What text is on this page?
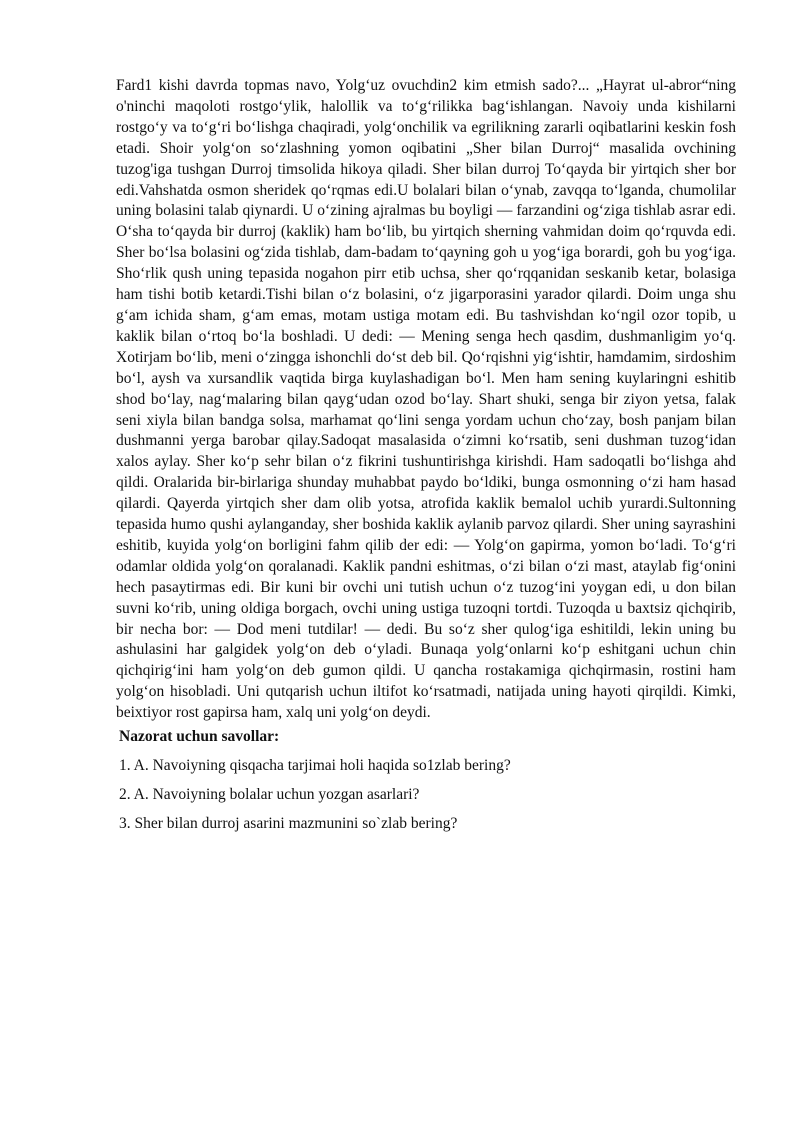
Fard1 kishi davrda topmas navo, Yolg‘uz ovuchdin2 kim etmish sado?... „Hayrat ul-abror“ning o'ninchi maqoloti rostgo‘ylik, halollik va to‘g‘rilikka bag‘ishlangan. Navoiy unda kishilarni rostgo‘y va to‘g‘ri bo‘lishga chaqiradi, yolg‘onchilik va egrilikning zararli oqibatlarini keskin fosh etadi. Shoir yolg‘on so‘zlashning yomon oqibatini „Sher bilan Durroj“ masalida ovchining tuzog'iga tushgan Durroj timsolida hikoya qiladi. Sher bilan durroj To‘qayda bir yirtqich sher bor edi.Vahshatda osmon sheridek qo‘rqmas edi.U bolalari bilan o‘ynab, zavqqa to‘lganda, chumolilar uning bolasini talab qiynardi. U o‘zining ajralmas bu boyligi — farzandini og‘ziga tishlab asrar edi. O‘sha to‘qayda bir durroj (kaklik) ham bo‘lib, bu yirtqich sherning vahmidan doim qo‘rquvda edi. Sher bo‘lsa bolasini og‘zida tishlab, dam-badam to‘qayning goh u yog‘iga borardi, goh bu yog‘iga. Sho‘rlik qush uning tepasida nogahon pirr etib uchsa, sher qo‘rqqanidan seskanib ketar, bolasiga ham tishi botib ketardi.Tishi bilan o‘z bolasini, o‘z jigarporasini yarador qilardi. Doim unga shu g‘am ichida sham, g‘am emas, motam ustiga motam edi. Bu tashvishdan ko‘ngil ozor topib, u kaklik bilan o‘rtoq bo‘la boshladi. U dedi: — Mening senga hech qasdim, dushmanligim yo‘q. Xotirjam bo‘lib, meni o‘zingga ishonchli do‘st deb bil. Qo‘rqishni yig‘ishtir, hamdamim, sirdoshim bo‘l, aysh va xursandlik vaqtida birga kuylashadigan bo‘l. Men ham sening kuylaringni eshitib shod bo‘lay, nag‘malaring bilan qayg‘udan ozod bo‘lay. Shart shuki, senga bir ziyon yetsa, falak seni xiyla bilan bandga solsa, marhamat qo‘lini senga yordam uchun cho‘zay, bosh panjam bilan dushmanni yerga barobar qilay.Sadoqat masalasida o‘zimni ko‘rsatib, seni dushman tuzog‘idan xalos aylay. Sher ko‘p sehr bilan o‘z fikrini tushuntirishga kirishdi. Ham sadoqatli bo‘lishga ahd qildi. Oralarida bir-birlariga shunday muhabbat paydo bo‘ldiki, bunga osmonning o‘zi ham hasad qilardi. Qayerda yirtqich sher dam olib yotsa, atrofida kaklik bemalol uchib yurardi.Sultonning tepasida humo qushi aylanganday, sher boshida kaklik aylanib parvoz qilardi. Sher uning sayrashini eshitib, kuyida yolg‘on borligini fahm qilib der edi: — Yolg‘on gapirma, yomon bo‘ladi. To‘g‘ri odamlar oldida yolg‘on qoralanadi. Kaklik pandni eshitmas, o‘zi bilan o‘zi mast, ataylab fig‘onini hech pasaytirmas edi. Bir kuni bir ovchi uni tutish uchun o‘z tuzog‘ini yoygan edi, u don bilan suvni ko‘rib, uning oldiga borgach, ovchi uning ustiga tuzoqni tortdi. Tuzoqda u baxtsiz qichqirib, bir necha bor: — Dod meni tutdilar! — dedi. Bu so‘z sher qulog‘iga eshitildi, lekin uning bu ashulasini har galgidek yolg‘on deb o‘yladi. Bunaqa yolg‘onlarni ko‘p eshitgani uchun chin qichqirig‘ini ham yolg‘on deb gumon qildi. U qancha rostakamiga qichqirmasin, rostini ham yolg‘on hisobladi. Uni qutqarish uchun iltifot ko‘rsatmadi, natijada uning hayoti qirqildi. Kimki, beixtiyor rost gapirsa ham, xalq uni yolg‘on deydi.

Nazorat uchun savollar:
1. A. Navoiyning qisqacha tarjimai holi haqida so1zlab bering?
2. A. Navoiyning bolalar uchun yozgan asarlari?
3. Sher bilan durroj asarini mazmunini so`zlab bering?
